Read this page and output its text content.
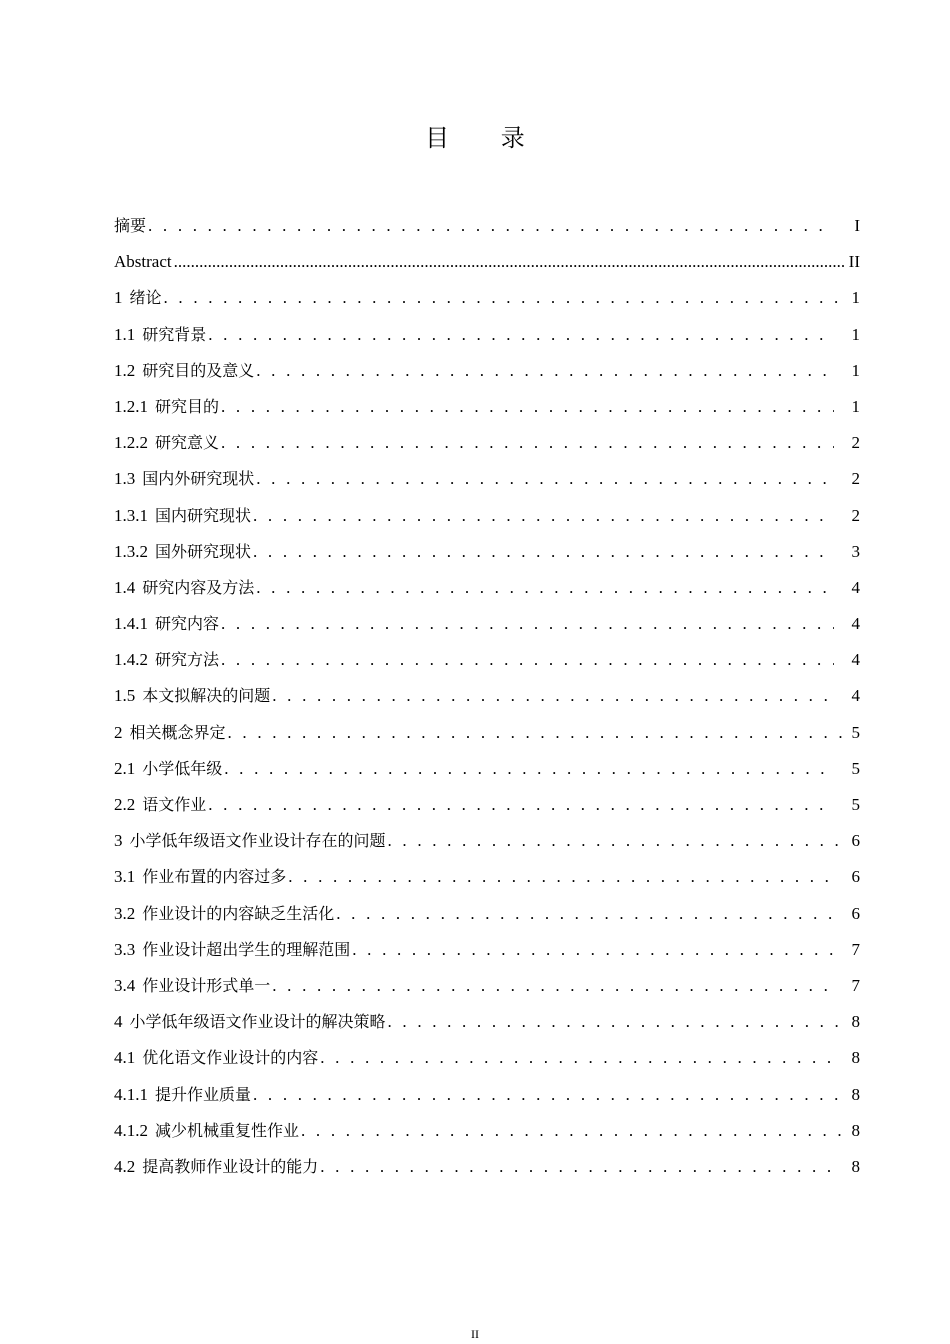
目 录
摘要 . . .	I
Abstract .....	II
1 绪论 . . .	1
1.1 研究背景 . . .	1
1.2 研究目的及意义 . . .	1
1.2.1 研究目的 . . .	1
1.2.2 研究意义 . . .	2
1.3 国内外研究现状 . . .	2
1.3.1 国内研究现状 . . .	2
1.3.2 国外研究现状 . . .	3
1.4 研究内容及方法 . . .	4
1.4.1 研究内容 . . .	4
1.4.2 研究方法 . . .	4
1.5 本文拟解决的问题 . . .	4
2 相关概念界定 . . .	5
2.1 小学低年级 . . .	5
2.2 语文作业 . . .	5
3 小学低年级语文作业设计存在的问题 . . .	6
3.1 作业布置的内容过多 . . .	6
3.2 作业设计的内容缺乏生活化 . . .	6
3.3 作业设计超出学生的理解范围 . . .	7
3.4 作业设计形式单一 . . .	7
4 小学低年级语文作业设计的解决策略 . . .	8
4.1 优化语文作业设计的内容 . . .	8
4.1.1 提升作业质量 . . .	8
4.1.2 减少机械重复性作业 . . .	8
4.2 提高教师作业设计的能力 . . .	8
II
